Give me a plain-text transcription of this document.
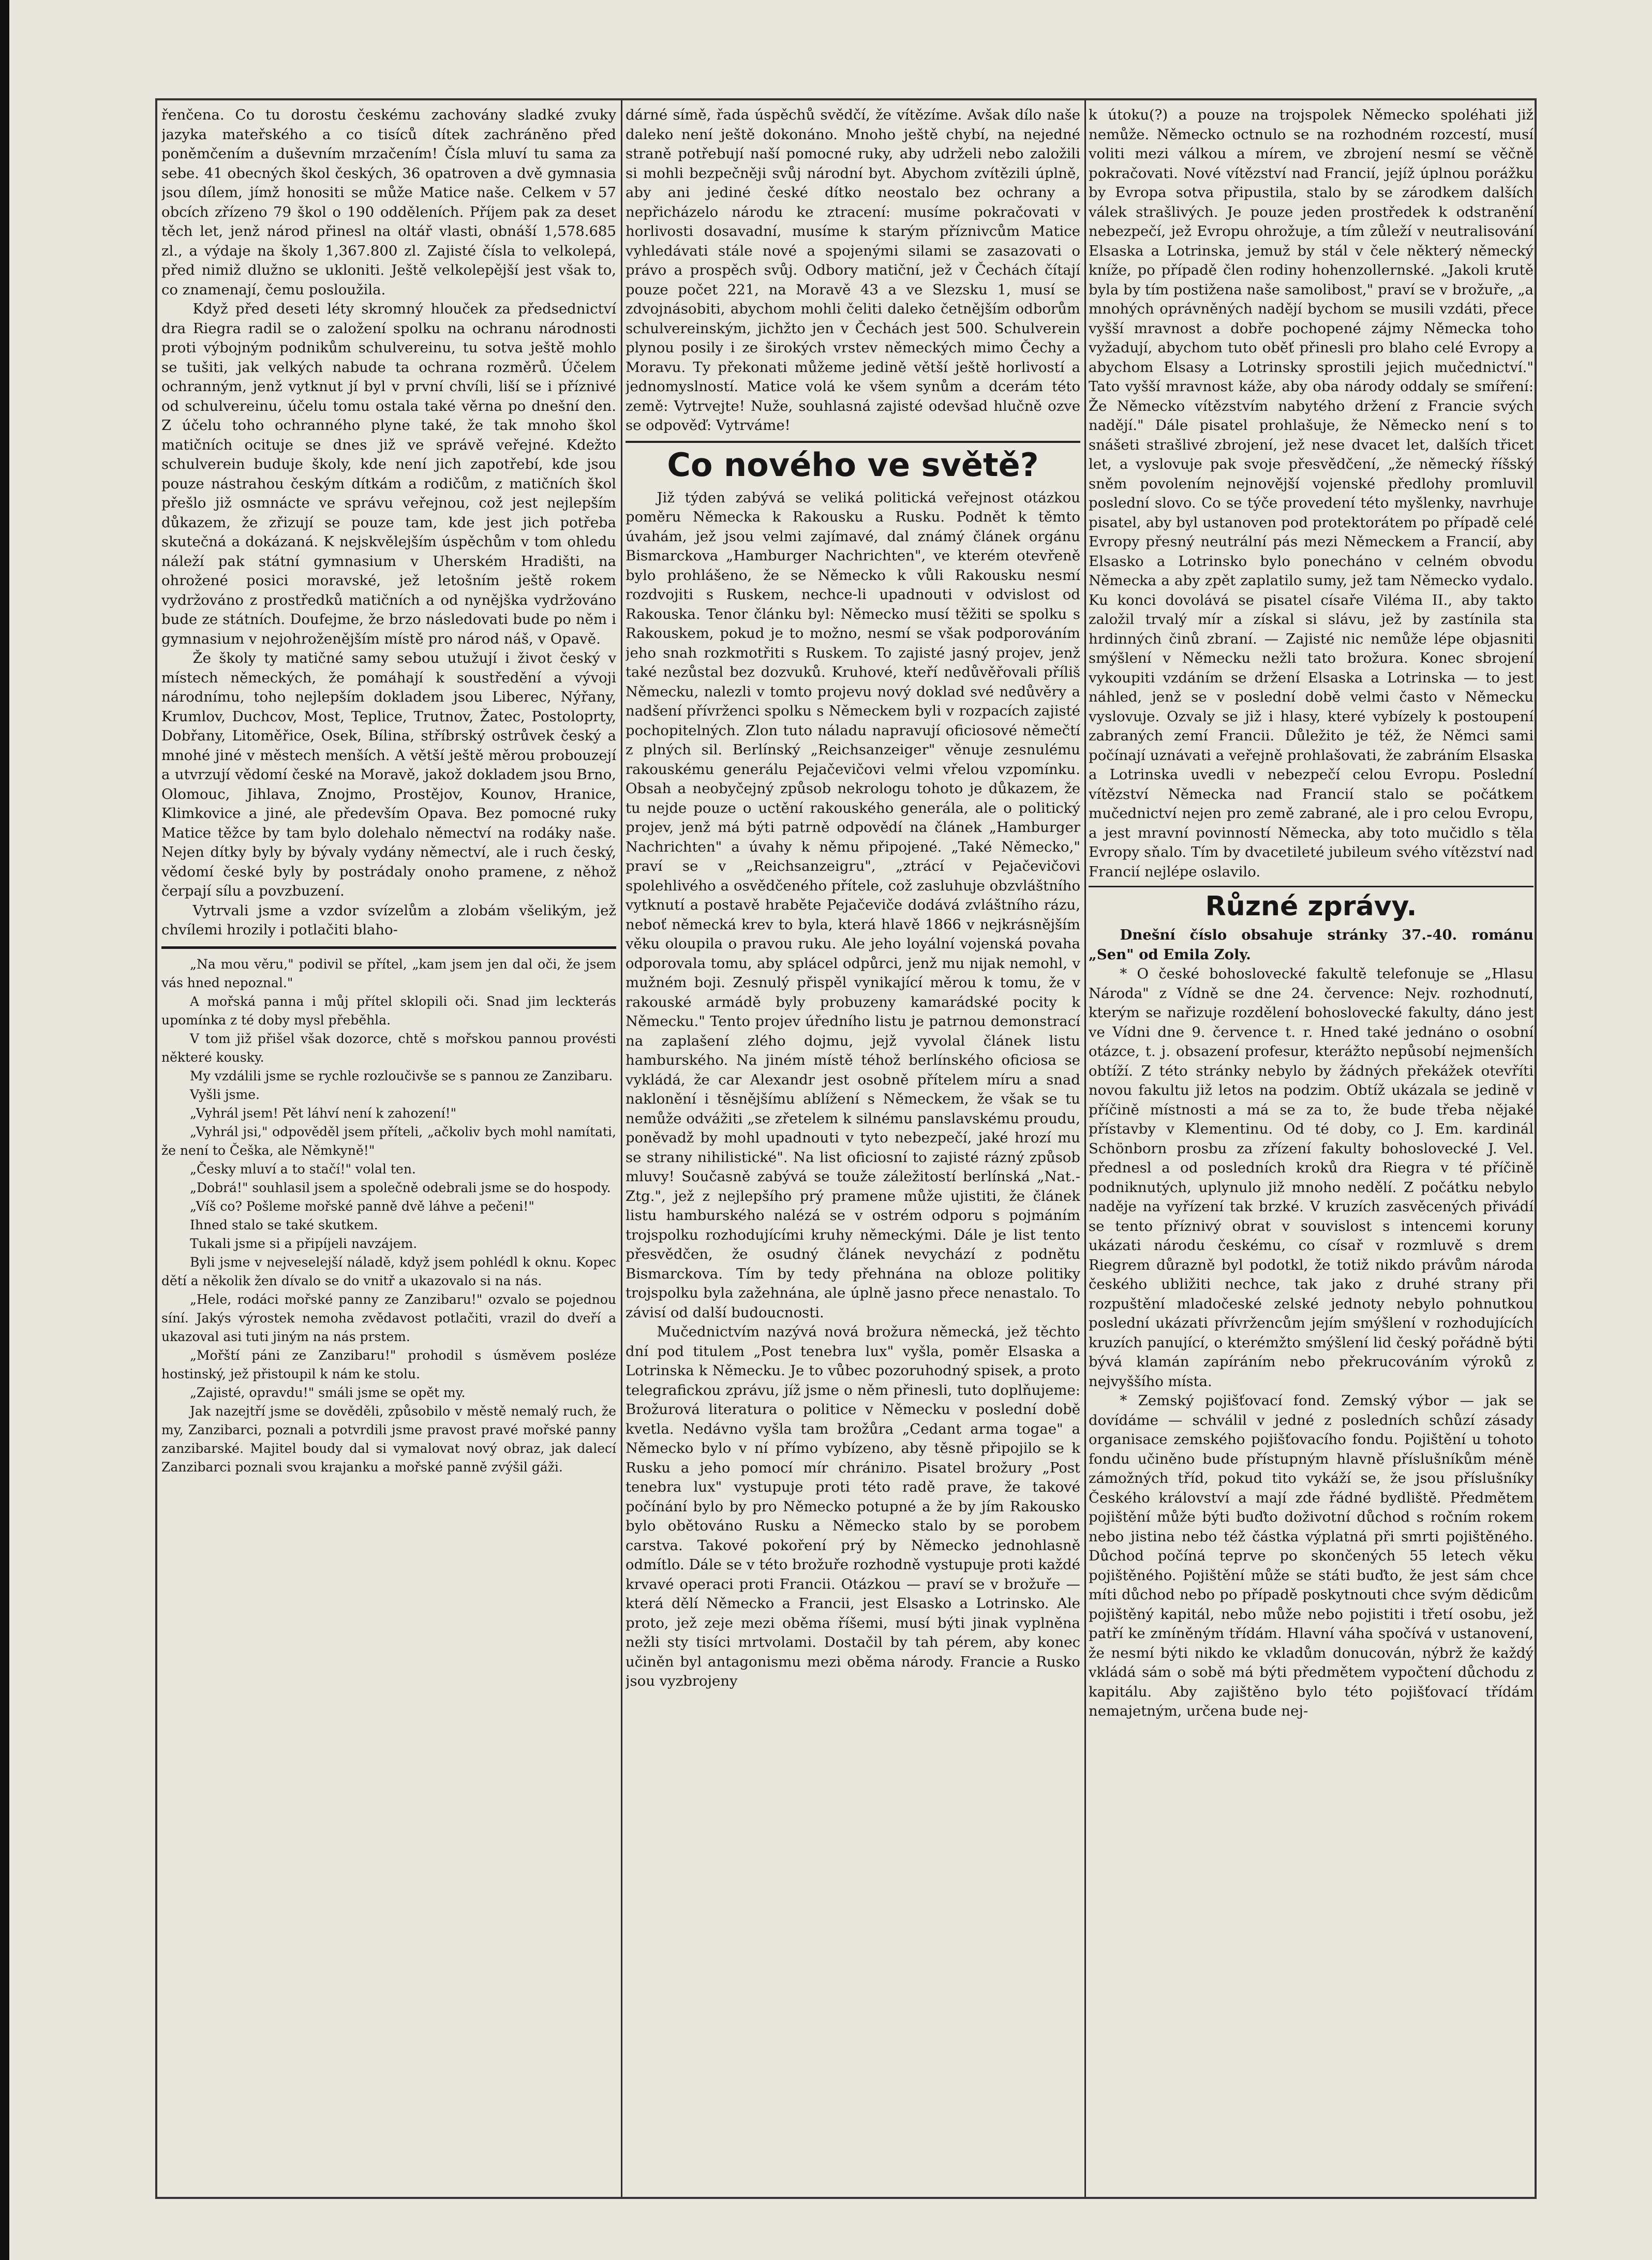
řenčena. Co tu dorostu českému zachovány sladké zvuky jazyka mateřského a co tisíců dítek zachráněno před poněmčením a duševním mrzačením! Čísla mluví tu sama za sebe. 41 obecných škol českých, 36 opatroven a dvě gymnasia jsou dílem, jímž honositi se může Matice naše. Celkem v 57 obcích zřízeno 79 škol o 190 odděleních. Příjem pak za deset těch let, jenž národ přinesl na oltář vlasti, obnáší 1,578.685 zl., a výdaje na školy 1,367.800 zl. Zajisté čísla to velkolepá, před nimiž dlužno se ukloniti. Ještě velkolepější jest však to, co znamenají, čemu posloužila.

Když před deseti léty skromný hlouček za předsednictví dra Riegra radil se o založení spolku na ochranu národnosti proti výbojným podnikům schulvereinu, tu sotva ještě mohlo se tušiti, jak velkých nabude ta ochrana rozměrů. Účelem ochranným, jenž vytknut jí byl v první chvíli, liší se i příznivé od schulvereinu, účelu tomu ostala také věrna po dnešní den. Z účelu toho ochranného plyne také, že tak mnoho škol matičních ocituje se dnes již ve správě veřejné. Kdežto schulverein buduje školy, kde není jich zapotřebí, kde jsou pouze nástrahou českým dítkám a rodičům, z matičních škol přešlo již osmnácte ve správu veřejnou, což jest nejlepším důkazem, že zřizují se pouze tam, kde jest jich potřeba skutečná a dokázaná. K nejskvělejším úspěchům v tom ohledu náleží pak státní gymnasium v Uherském Hradišti, na ohrožené posici moravské, jež letošním ještě rokem vydržováno z prostředků matičních a od nynějška vydržováno bude ze státních. Doufejme, že brzo následovati bude po něm i gymnasium v nejohroženějším místě pro národ náš, v Opavě.

Že školy ty matičné samy sebou utužují i život český v místech německých, že pomáhají k soustředění a vývoji národnímu, toho nejlepším dokladem jsou Liberec, Nýřany, Krumlov, Duchcov, Most, Teplice, Trutnov, Žatec, Postoloprty, Dobřany, Litoměřice, Osek, Bílina, stříbrský ostrůvek český a mnohé jiné v městech menších. A větší ještě měrou probouzejí a utvrzují vědomí české na Moravě, jakož dokladem jsou Brno, Olomouc, Jihlava, Znojmo, Prostějov, Kounov, Hranice, Klimkovice a jiné, ale především Opava. Bez pomocné ruky Matice těžce by tam bylo dolehalo němectví na rodáky naše. Nejen dítky byly by bývaly vydány němectví, ale i ruch český, vědomí české byly by postrádaly onoho pramene, z něhož čerpají sílu a povzbuzení.

Vytrvali jsme a vzdor svízelům a zlobám všelikým, jež chvílemi hrozily i potlačiti blaho-

„Na mou věru," podivil se přítel, „kam jsem jen dal oči, že jsem vás hned nepoznal."

A mořská panna i můj přítel sklopili oči. Snad jim leckterás upomínka z té doby mysl přeběhla.

V tom již přišel však dozorce, chtě s mořskou pannou provésti některé kousky.

My vzdálili jsme se rychle rozloučivše se s pannou ze Zanzibaru.

Vyšli jsme.

„Vyhrál jsem! Pět láhví není k zahození!"

„Vyhrál jsi," odpověděl jsem příteli, „ačkoliv bych mohl namítati, že není to Češka, ale Němkyně!"

„Česky mluví a to stačí!" volal ten.

„Dobrá!" souhlasil jsem a společně odebrali jsme se do hospody.

„Víš co? Pošleme mořské panně dvě láhve a pečeni!"

Ihned stalo se také skutkem.

Tukali jsme si a připíjeli navzájem.

Byli jsme v nejveselejší náladě, když jsem pohlédl k oknu. Kopec dětí a několik žen dívalo se do vnitř a ukazovalo si na nás.

„Hele, rodáci mořské panny ze Zanzibaru!" ozvalo se pojednou síní. Jakýs výrostek nemoha zvědavost potlačiti, vrazil do dveří a ukazoval asi tuti jiným na nás prstem.

„Mořští páni ze Zanzibaru!" prohodil s úsměvem posléze hostinský, jež přistoupil k nám ke stolu.

„Zajisté, opravdu!" smáli jsme se opět my.

Jak nazejtří jsme se dověděli, způsobilo v městě nemalý ruch, že my, Zanzibarci, poznali a potvrdili jsme pravost pravé mořské panny zanzibarské. Majitel boudy dal si vymalovat nový obraz, jak dalecí Zanzibarci poznali svou krajanku a mořské panně zvýšil gáži.

dárné símě, řada úspěchů svědčí, že vítězíme. Avšak dílo naše daleko není ještě dokonáno. Mnoho ještě chybí, na nejedné straně potřebují naší pomocné ruky, aby udrželi nebo založili si mohli bezpečněji svůj národní byt. Abychom zvítězili úplně, aby ani jediné české dítko neostalo bez ochrany a nepřicházelo národu ke ztracení: musíme pokračovati v horlivosti dosavadní, musíme k starým příznivcům Matice vyhledávati stále nové a spojenými silami se zasazovati o právo a prospěch svůj. Odbory matiční, jež v Čechách čítají pouze počet 221, na Moravě 43 a ve Slezsku 1, musí se zdvojnásobiti, abychom mohli čeliti daleko četnějším odborům schulvereinským, jichžto jen v Čechách jest 500. Schulverein plynou posily i ze širokých vrstev německých mimo Čechy a Moravu. Ty překonati můžeme jedině větší ještě horlivostí a jednomyslností. Matice volá ke všem synům a dcerám této země: Vytrvejte! Nuže, souhlasná zajisté odevšad hlučně ozve se odpověď: Vytrváme!

Co nového ve světě?

Již týden zabývá se veliká politická veřejnost otázkou poměru Německa k Rakousku a Rusku. Podnět k těmto úvahám, jež jsou velmi zajímavé, dal známý článek orgánu Bismarckova „Hamburger Nachrichten", ve kterém otevřeně bylo prohlášeno, že se Německo k vůli Rakousku nesmí rozdvojiti s Ruskem, nechce-li upadnouti v odvislost od Rakouska. Tenor článku byl: Německo musí těžiti se spolku s Rakouskem, pokud je to možno, nesmí se však podporováním jeho snah rozkmotřiti s Ruskem. To zajisté jasný projev, jenž také nezůstal bez dozvuků. Kruhové, kteří nedůvěřovali příliš Německu, nalezli v tomto projevu nový doklad své nedůvěry a nadšení přívrženci spolku s Německem byli v rozpacích zajisté pochopitelných. Zlon tuto náladu napravují oficiosové němečtí z plných sil. Berlínský „Reichsanzeiger" věnuje zesnulému rakouskému generálu Pejačevičovi velmi vřelou vzpomínku. Obsah a neobyčejný způsob nekrologu tohoto je důkazem, že tu nejde pouze o uctění rakouského generála, ale o politický projev, jenž má býti patrně odpovědí na článek „Hamburger Nachrichten" a úvahy k němu připojené. „Také Německo," praví se v „Reichsanzeigru", „ztrácí v Pejačevičovi spolehlivého a osvědčeného přítele, což zasluhuje obzvláštního vytknutí a postavě hraběte Pejačeviče dodává zvláštního rázu, neboť německá krev to byla, která hlavě 1866 v nejkrásnějším věku oloupila o pravou ruku. Ale jeho loyální vojenská povaha odporovala tomu, aby splácel odpůrci, jenž mu nijak nemohl, v mužném boji. Zesnulý přispěl vynikající měrou k tomu, že v rakouské armádě byly probuzeny kamarádské pocity k Německu." Tento projev úředního listu je patrnou demonstrací na zaplašení zlého dojmu, jejž vyvolal článek listu hamburského. Na jiném místě téhož berlínského oficiosa se vykládá, že car Alexandr jest osobně přítelem míru a snad naklonění i těsnějšímu ablížení s Německem, že však se tu nemůže odvážiti „se zřetelem k silnému panslavskému proudu, poněvadž by mohl upadnouti v tyto nebezpečí, jaké hrozí mu se strany nihilistické". Na list oficiosní to zajisté rázný způsob mluvy! Současně zabývá se touže záležitostí berlínská „Nat.-Ztg.", jež z nejlepšího prý pramene může ujistiti, že článek listu hamburského nalézá se v ostrém odporu s pojmáním trojspolku rozhodujícími kruhy německými. Dále je list tento přesvědčen, že osudný článek nevychází z podnětu Bismarckova. Tím by tedy přehnána na obloze politiky trojspolku byla zažehnána, ale úplně jasno přece nenastalo. To závisí od další budoucnosti.

Mučednictvím nazývá nová brožura německá, jež těchto dní pod titulem „Post tenebra lux" vyšla, poměr Elsaska a Lotrinska k Německu. Je to vůbec pozoruhodný spisek, a proto telegrafickou zprávu, jíž jsme o něm přinesli, tuto doplňujeme: Brožurová literatura o politice v Německu v poslední době kvetla. Nedávno vyšla tam brožůra „Cedant arma togae" a Německo bylo v ní přímo vybízeno, aby těsně připojilo se k Rusku a jeho pomocí mír chrániло. Pisatel brožury „Post tenebra lux" vystupuje proti této radě prave, že takové počínání bylo by pro Německo potupné a že by jím Rakousko bylo obětováno Rusku a Německo stalo by se porobem carstva. Takové pokoření prý by Německo jednohlasně odmítlo. Dále se v této brožuře rozhodně vystupuje proti každé krvavé operaci proti Francii. Otázkou — praví se v brožuře — která dělí Německo a Francii, jest Elsasko a Lotrinsko. Ale proto, jež zeje mezi oběma říšemi, musí býti jinak vyplněna nežli sty tisíci mrtvolami. Dostačil by tah pérem, aby konec učiněn byl antagonismu mezi oběma národy. Francie a Rusko jsou vyzbrojeny

k útoku(?) a pouze na trojspolek Německo spoléhati již nemůže. Německo octnulo se na rozhodném rozcestí, musí voliti mezi válkou a mírem, ve zbrojení nesmí se věčně pokračovati. Nové vítězství nad Francií, jejíž úplnou porážku by Evropa sotva připustila, stalo by se zárodkem dalších válek strašlivých. Je pouze jeden prostředek k odstranění nebezpečí, jež Evropu ohrožuje, a tím zůleží v neutralisování Elsaska a Lotrinska, jemuž by stál v čele některý německý kníže, po případě člen rodiny hohenzollernské. „Jakoli krutě byla by tím postižena naše samolibost," praví se v brožuře, „a mnohých oprávněných nadějí bychom se musili vzdáti, přece vyšší mravnost a dobře pochopené zájmy Německa toho vyžadují, abychom tuto oběť přinesli pro blaho celé Evropy a abychom Elsasy a Lotrinsky sprostili jejich mučednictví." Tato vyšší mravnost káže, aby oba národy oddaly se smíření: Že Německo vítězstvím nabytého držení z Francie svých nadějí." Dále pisatel prohlašuje, že Německo není s to snášeti strašlivé zbrojení, jež nese dvacet let, dalších třicet let, a vyslovuje pak svoje přesvědčení, „že německý říšský sněm povolením nejnovější vojenské předlohy promluvil poslední slovo. Co se týče provedení této myšlenky, navrhuje pisatel, aby byl ustanoven pod protektorátem po případě celé Evropy přesný neutrální pás mezi Německem a Francií, aby Elsasko a Lotrinsko bylo ponecháno v celném obvodu Německa a aby zpět zaplatilo sumy, jež tam Německo vydalo. Ku konci dovolává se pisatel císaře Viléma II., aby takto založil trvalý mír a získal si slávu, jež by zastínila sta hrdinných činů zbraní. — Zajisté nic nemůže lépe objasniti smýšlení v Německu nežli tato brožura. Konec sbrojení vykoupiti vzdáním se držení Elsaska a Lotrinska — to jest náhled, jenž se v poslední době velmi často v Německu vyslovuje. Ozvaly se již i hlasy, které vybízely k postoupení zabraných zemí Francii. Důležito je též, že Němci sami počínají uznávati a veřejně prohlašovati, že zabráním Elsaska a Lotrinska uvedli v nebezpečí celou Evropu. Poslední vítězství Německa nad Francií stalo se počátkem mučednictví nejen pro země zabrané, ale i pro celou Evropu, a jest mravní povinností Německa, aby toto mučidlo s těla Evropy sňalo. Tím by dvacetileté jubileum svého vítězství nad Francií nejlépe oslavilo.

Různé zprávy.

Dnešní číslo obsahuje stránky 37.-40. románu „Sen" od Emila Zoly.

* O české bohoslovecké fakultě telefonuje se „Hlasu Národa" z Vídně se dne 24. července: Nejv. rozhodnutí, kterým se nařizuje rozdělení bohoslovecké fakulty, dáno jest ve Vídni dne 9. července t. r. Hned také jednáno o osobní otázce, t. j. obsazení profesur, kterážto nepůsobí nejmenších obtíží. Z této stránky nebylo by žádných překážek otevříti novou fakultu již letos na podzim. Obtíž ukázala se jedině v příčině místnosti a má se za to, že bude třeba nějaké přístavby v Klementinu. Od té doby, co J. Em. kardinál Schönborn prosbu za zřízení fakulty bohoslovecké J. Vel. přednesl a od posledních kroků dra Riegra v té příčině podniknutých, uplynulo již mnoho nedělí. Z počátku nebylo naděje na vyřízení tak brzké. V kruzích zasvěcených přivádí se tento příznivý obrat v souvislost s intencemi koruny ukázati národu českému, co císař v rozmluvě s drem Riegrem důrazně byl podotkl, že totiž nikdo právům národa českého ubližiti nechce, tak jako z druhé strany při rozpuštění mladočeské zelské jednoty nebylo pohnutkou poslední ukázati přívržencům jejím smýšlení v rozhodujících kruzích panující, o kterémžto smýšlení lid český pořádně býti bývá klamán zapíráním nebo překrucováním výroků z nejvyššího místa.

* Zemský pojišťovací fond. Zemský výbor — jak se dovídáme — schválil v jedné z posledních schůzí zásady organisace zemského pojišťovacího fondu. Pojištění u tohoto fondu učiněno bude přístupným hlavně příslušníkům méně zámožných tříd, pokud tito vykáží se, že jsou příslušníky Českého království a mají zde řádné bydliště. Předmětem pojištění může býti buďto doživotní důchod s ročním rokem nebo jistina nebo též částka výplatná při smrti pojištěného. Důchod počíná teprve po skončených 55 letech věku pojištěného. Pojištění může se státi buďto, že jest sám chce míti důchod nebo po případě poskytnouti chce svým dědicům pojištěný kapitál, nebo může nebo pojistiti i třetí osobu, jež patří ke zmíněným třídám. Hlavní váha spočívá v ustanovení, že nesmí býti nikdo ke vkladům donucován, nýbrž že každý vkládá sám o sobě má býti předmětem vypočtení důchodu z kapitálu. Aby zajištěno bylo této pojišťovací třídám nemajetným, určena bude nej-
